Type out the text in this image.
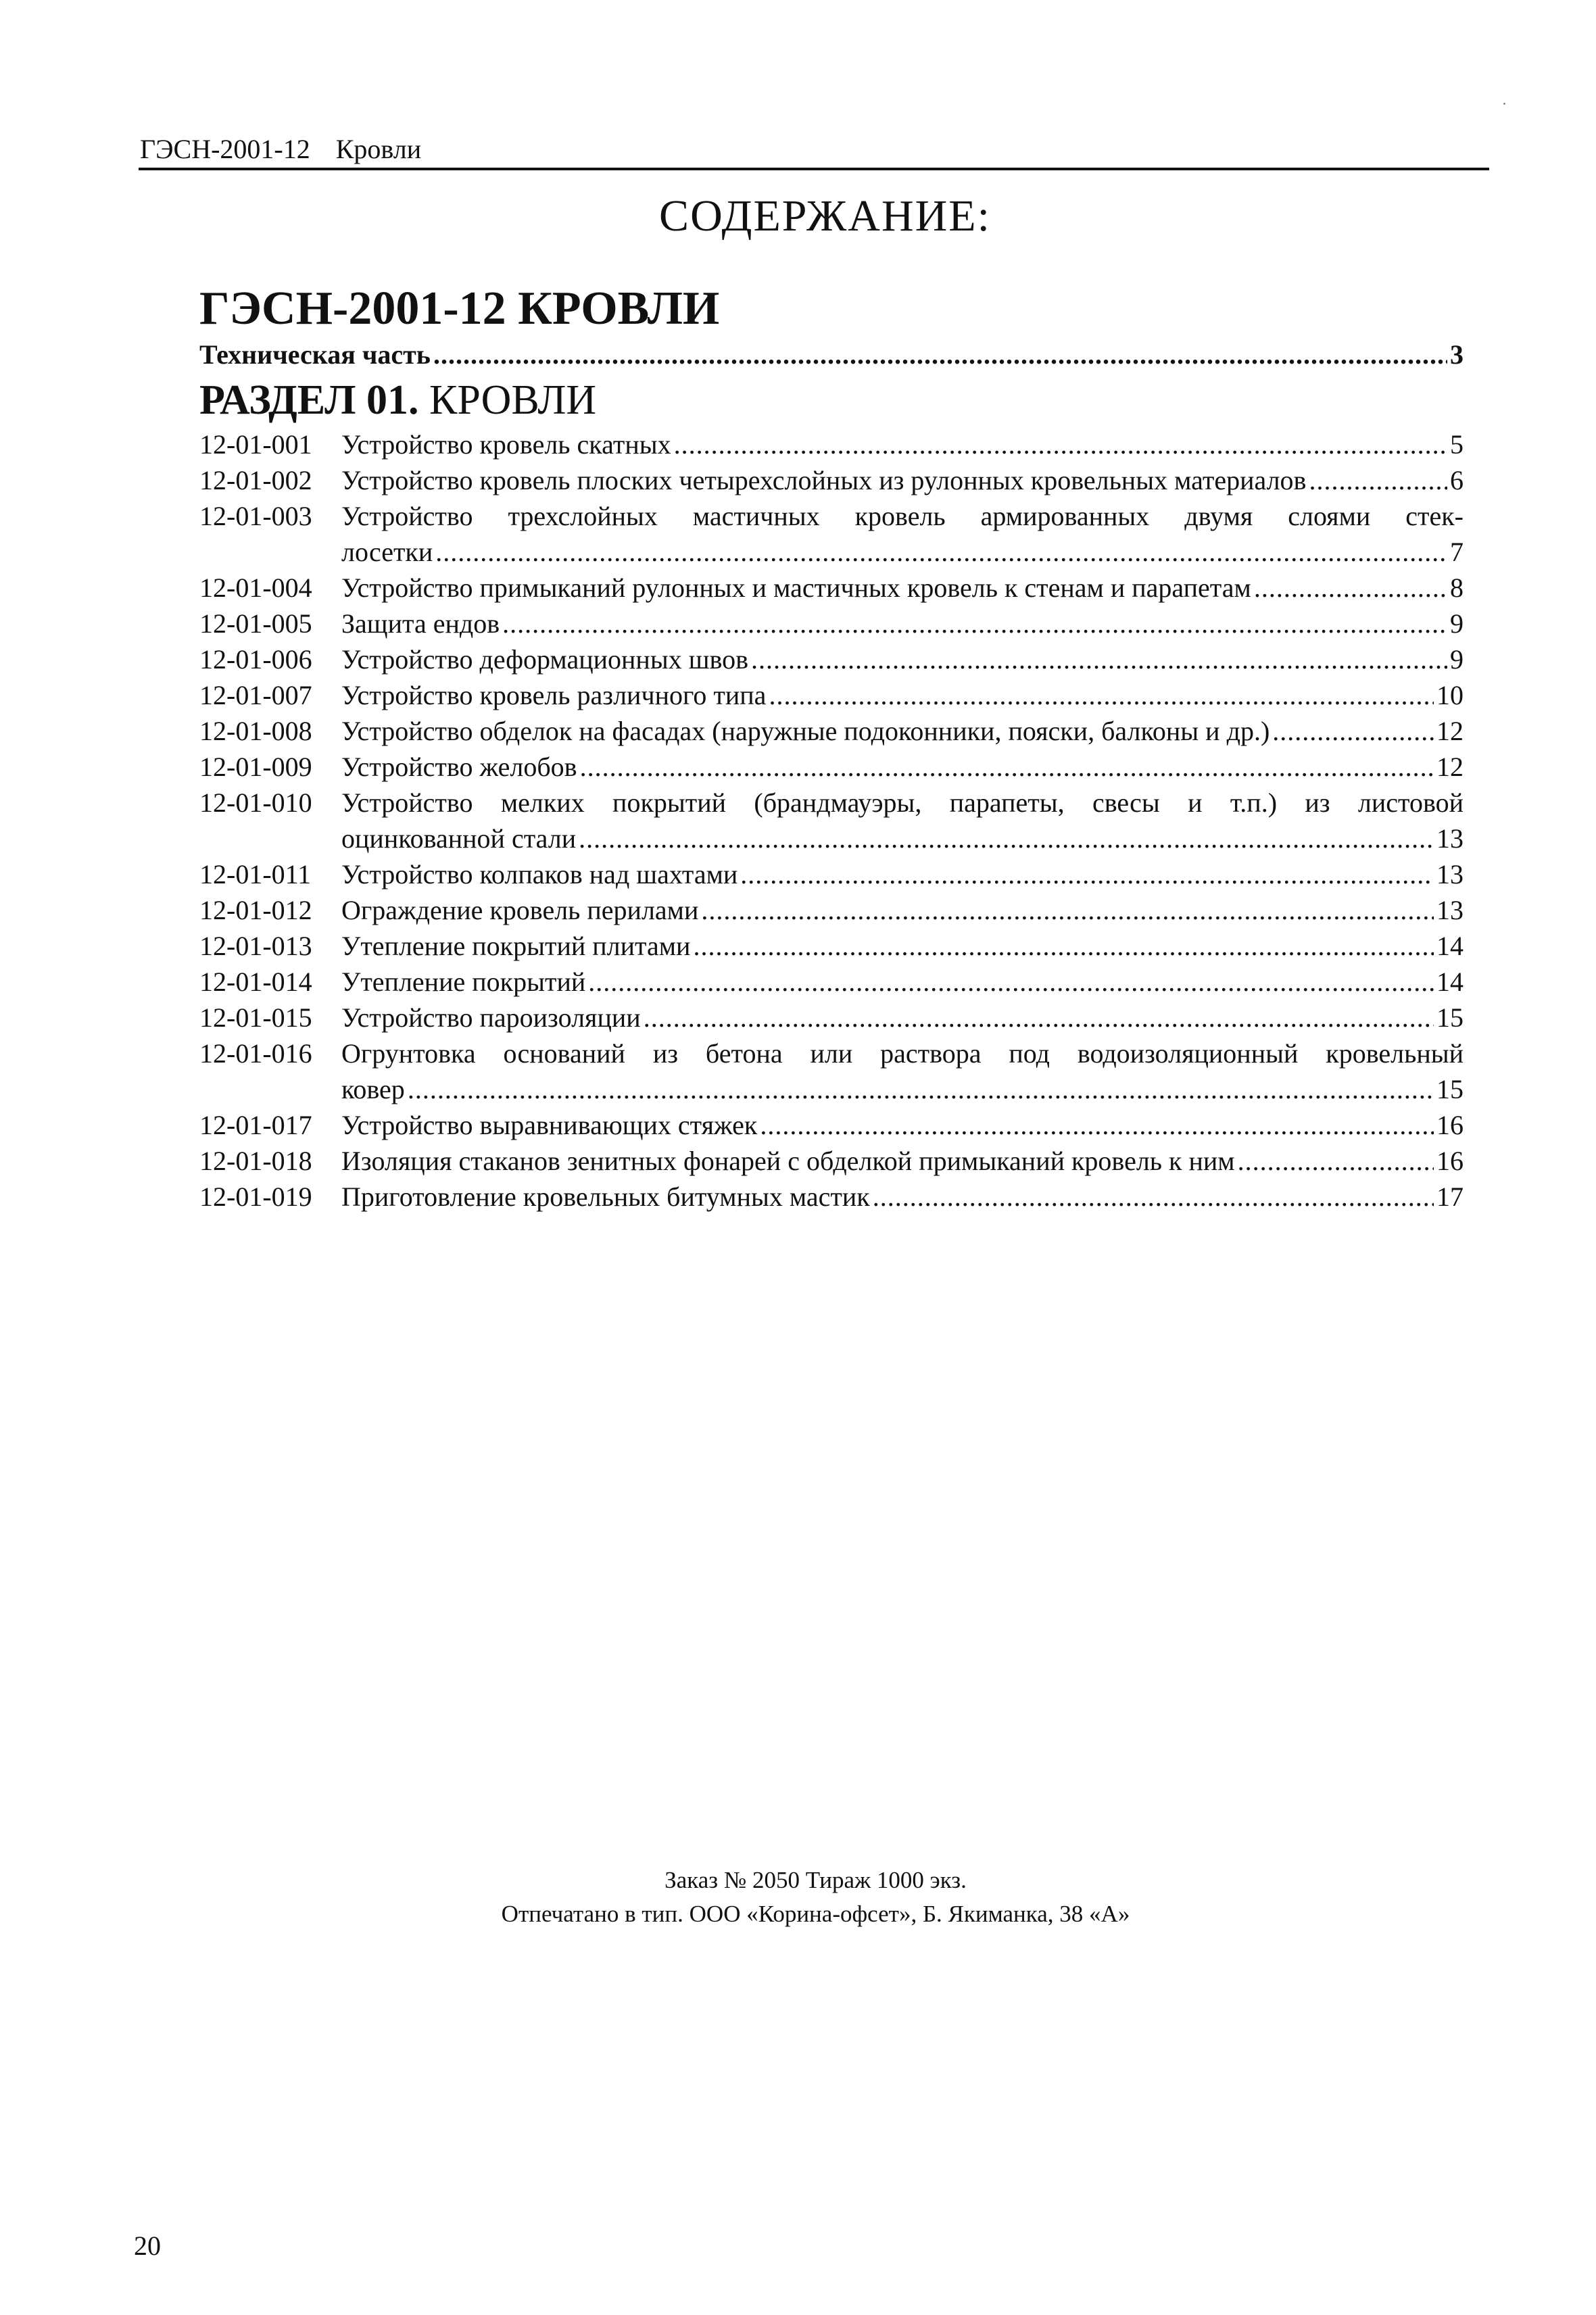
ГЭСН-2001-12 Кровли
СОДЕРЖАНИЕ:
ГЭСН-2001-12 КРОВЛИ
Техническая часть .....	3
РАЗДЕЛ 01. КРОВЛИ
12-01-001	Устройство кровель скатных .....	5
12-01-002	Устройство кровель плоских четырехслойных из рулонных кровельных материалов .....	6
12-01-003	Устройство трехслойных мастичных кровель армированных двумя слоями стек-
лосетки .....	7
12-01-004	Устройство примыканий рулонных и мастичных кровель к стенам и парапетам .....	8
12-01-005	Защита ендов .....	9
12-01-006	Устройство деформационных швов .....	9
12-01-007	Устройство кровель различного типа .....	10
12-01-008	Устройство обделок на фасадах (наружные подоконники, пояски, балконы и др.) .....	12
12-01-009	Устройство желобов .....	12
12-01-010	Устройство мелких покрытий (брандмауэры, парапеты, свесы и т.п.) из листовой
оцинкованной стали .....	13
12-01-011	Устройство колпаков над шахтами .....	13
12-01-012	Ограждение кровель перилами .....	13
12-01-013	Утепление покрытий плитами .....	14
12-01-014	Утепление покрытий .....	14
12-01-015	Устройство пароизоляции .....	15
12-01-016	Огрунтовка оснований из бетона или раствора под водоизоляционный кровельный
ковер .....	15
12-01-017	Устройство выравнивающих стяжек .....	16
12-01-018	Изоляция стаканов зенитных фонарей с обделкой примыканий кровель к ним .....	16
12-01-019	Приготовление кровельных битумных мастик .....	17
Заказ № 2050 Тираж 1000 экз.
Отпечатано в тип. ООО «Корина-офсет», Б. Якиманка, 38 «А»
20
